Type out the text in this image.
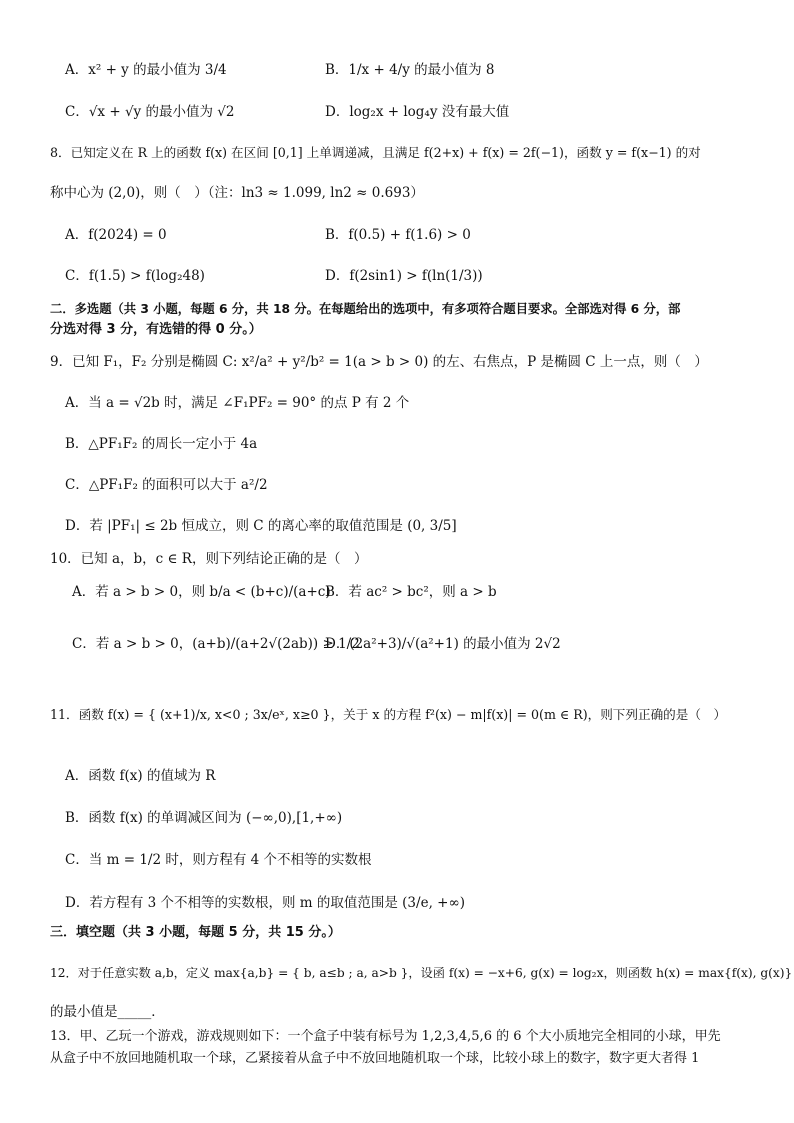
A．x² + y 的最小值为 3/4	B．1/x + 4/y 的最小值为 8
C．√x + √y 的最小值为 √2	D．log₂x + log₄y 没有最大值
8．已知定义在 R 上的函数 f(x) 在区间 [0,1] 上单调递减，且满足 f(2+x) + f(x) = 2f(−1)，函数 y = f(x−1) 的对
称中心为 (2,0)，则（　）（注：ln3 ≈ 1.099, ln2 ≈ 0.693）
A．f(2024) = 0	B．f(0.5) + f(1.6) > 0
C．f(1.5) > f(log₂48)	D．f(2sin1) > f(ln(1/3))
二．多选题（共 3 小题，每题 6 分，共 18 分。在每题给出的选项中，有多项符合题目要求。全部选对得 6 分，部
分选对得 3 分，有选错的得 0 分。）
9．已知 F₁，F₂ 分别是椭圆 C: x²/a² + y²/b² = 1(a > b > 0) 的左、右焦点，P 是椭圆 C 上一点，则（　）
A．当 a = √2b 时，满足 ∠F₁PF₂ = 90° 的点 P 有 2 个
B．△PF₁F₂ 的周长一定小于 4a
C．△PF₁F₂ 的面积可以大于 a²/2
D．若 |PF₁| ≤ 2b 恒成立，则 C 的离心率的取值范围是 (0, 3/5]
10．已知 a，b，c ∈ R，则下列结论正确的是（　）
A．若 a > b > 0，则 b/a < (b+c)/(a+c)
B．若 ac² > bc²，则 a > b
C．若 a > b > 0，(a+b)/(a+2√(2ab)) ≥ 1/2
D．(2a²+3)/√(a²+1) 的最小值为 2√2
11．函数 f(x) = { (x+1)/x, x<0 ; 3x/eˣ, x≥0 }，关于 x 的方程 f²(x) − m|f(x)| = 0(m ∈ R)，则下列正确的是（　）
A．函数 f(x) 的值域为 R
B．函数 f(x) 的单调减区间为 (−∞,0),[1,+∞)
C．当 m = 1/2 时，则方程有 4 个不相等的实数根
D．若方程有 3 个不相等的实数根，则 m 的取值范围是 (3/e, +∞)
三．填空题（共 3 小题，每题 5 分，共 15 分。）
12．对于任意实数 a,b，定义 max{a,b} = { b, a≤b ; a, a>b }，设函 f(x) = −x+6, g(x) = log₂x，则函数 h(x) = max{f(x), g(x)}
的最小值是_____．
13．甲、乙玩一个游戏，游戏规则如下：一个盒子中装有标号为 1,2,3,4,5,6 的 6 个大小质地完全相同的小球，甲先
从盒子中不放回地随机取一个球，乙紧接着从盒子中不放回地随机取一个球，比较小球上的数字，数字更大者得 1
